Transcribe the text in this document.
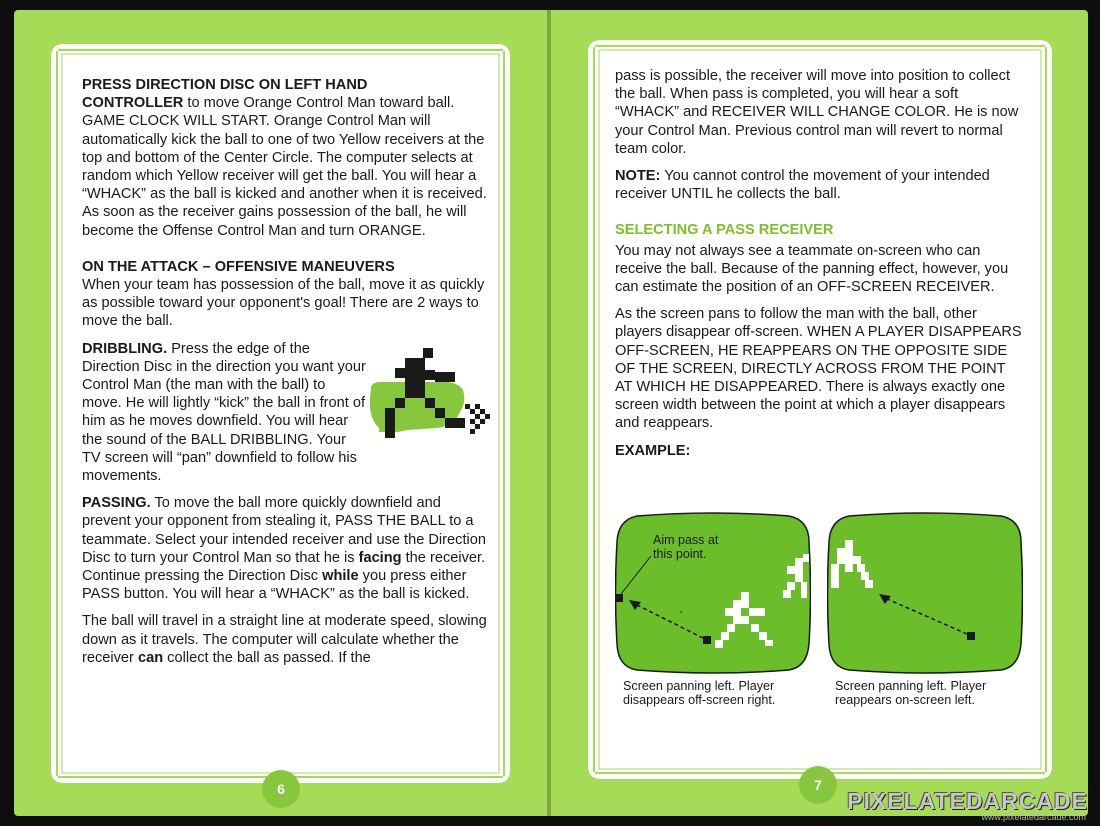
PRESS DIRECTION DISC ON LEFT HAND
CONTROLLER to move Orange Control Man toward ball. GAME CLOCK WILL START. Orange Control Man will automatically kick the ball to one of two Yellow receivers at the top and bottom of the Center Circle. The computer selects at random which Yellow receiver will get the ball. You will hear a “WHACK” as the ball is kicked and another when it is received. As soon as the receiver gains possession of the ball, he will become the Offense Control Man and turn ORANGE.

ON THE ATTACK – OFFENSIVE MANEUVERS
When your team has possession of the ball, move it as quickly as possible toward your opponent's goal! There are 2 ways to move the ball.

DRIBBLING. Press the edge of the Direction Disc in the direction you want your Control Man (the man with the ball) to move. He will lightly “kick” the ball in front of him as he moves downfield. You will hear the sound of the BALL DRIBBLING. Your TV screen will “pan” downfield to follow his movements.

PASSING. To move the ball more quickly downfield and prevent your opponent from stealing it, PASS THE BALL to a teammate. Select your intended receiver and use the Direction Disc to turn your Control Man so that he is facing the receiver. Continue pressing the Direction Disc while you press either PASS button. You will hear a “WHACK” as the ball is kicked.

The ball will travel in a straight line at moderate speed, slowing down as it travels. The computer will calculate whether the receiver can collect the ball as passed. If the

6

pass is possible, the receiver will move into position to collect the ball. When pass is completed, you will hear a soft “WHACK” and RECEIVER WILL CHANGE COLOR. He is now your Control Man. Previous control man will revert to normal team color.

NOTE: You cannot control the movement of your intended receiver UNTIL he collects the ball.

SELECTING A PASS RECEIVER

You may not always see a teammate on-screen who can receive the ball. Because of the panning effect, however, you can estimate the position of an OFF-SCREEN RECEIVER.

As the screen pans to follow the man with the ball, other players disappear off-screen. WHEN A PLAYER DISAPPEARS OFF-SCREEN, HE REAPPEARS ON THE OPPOSITE SIDE OF THE SCREEN, DIRECTLY ACROSS FROM THE POINT AT WHICH HE DISAPPEARED. There is always exactly one screen width between the point at which a player disappears and reappears.

EXAMPLE:

Aim pass at
this point.
Screen panning left. Player disappears off-screen right.
Screen panning left. Player reappears on-screen left.
7
PIXELATEDARCADE
www.pixelatedarcade.com
